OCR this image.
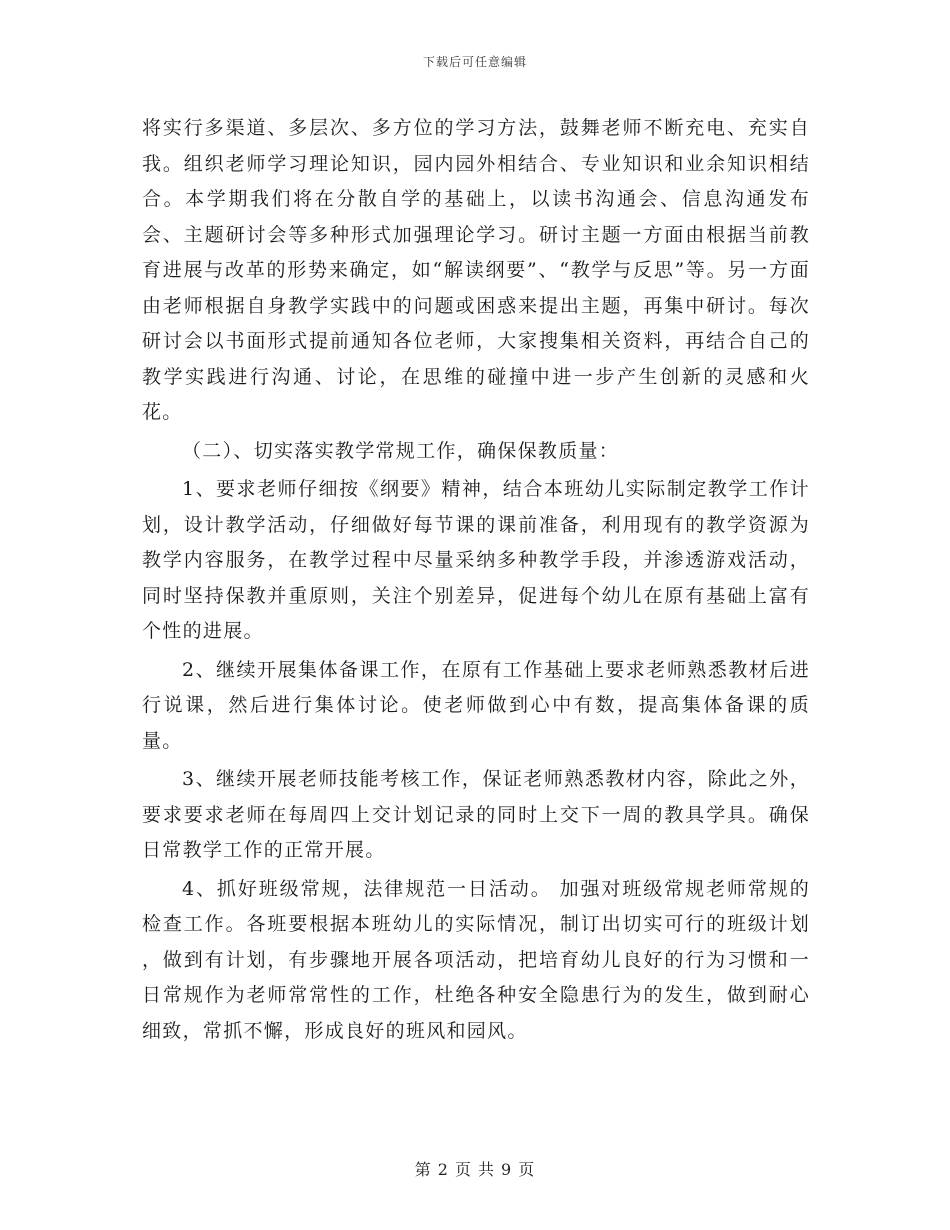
下载后可任意编辑

将实行多渠道、多层次、多方位的学习方法，鼓舞老师不断充电、充实自我。组织老师学习理论知识，园内园外相结合、专业知识和业余知识相结合。本学期我们将在分散自学的基础上，以读书沟通会、信息沟通发布会、主题研讨会等多种形式加强理论学习。研讨主题一方面由根据当前教育进展与改革的形势来确定，如“解读纲要”、“教学与反思”等。另一方面由老师根据自身教学实践中的问题或困惑来提出主题，再集中研讨。每次研讨会以书面形式提前通知各位老师，大家搜集相关资料，再结合自己的教学实践进行沟通、讨论，在思维的碰撞中进一步产生创新的灵感和火花。

（二）、切实落实教学常规工作，确保保教质量：

1、要求老师仔细按《纲要》精神，结合本班幼儿实际制定教学工作计划，设计教学活动，仔细做好每节课的课前准备，利用现有的教学资源为教学内容服务，在教学过程中尽量采纳多种教学手段，并渗透游戏活动，同时坚持保教并重原则，关注个别差异，促进每个幼儿在原有基础上富有个性的进展。

2、继续开展集体备课工作，在原有工作基础上要求老师熟悉教材后进行说课，然后进行集体讨论。使老师做到心中有数，提高集体备课的质量。

3、继续开展老师技能考核工作，保证老师熟悉教材内容，除此之外，要求要求老师在每周四上交计划记录的同时上交下一周的教具学具。确保日常教学工作的正常开展。

4、抓好班级常规，法律规范一日活动。 加强对班级常规老师常规的检查工作。各班要根据本班幼儿的实际情况，制订出切实可行的班级计划 ，做到有计划，有步骤地开展各项活动，把培育幼儿良好的行为习惯和一日常规作为老师常常性的工作，杜绝各种安全隐患行为的发生，做到耐心细致，常抓不懈，形成良好的班风和园风。

第 2 页 共 9 页
